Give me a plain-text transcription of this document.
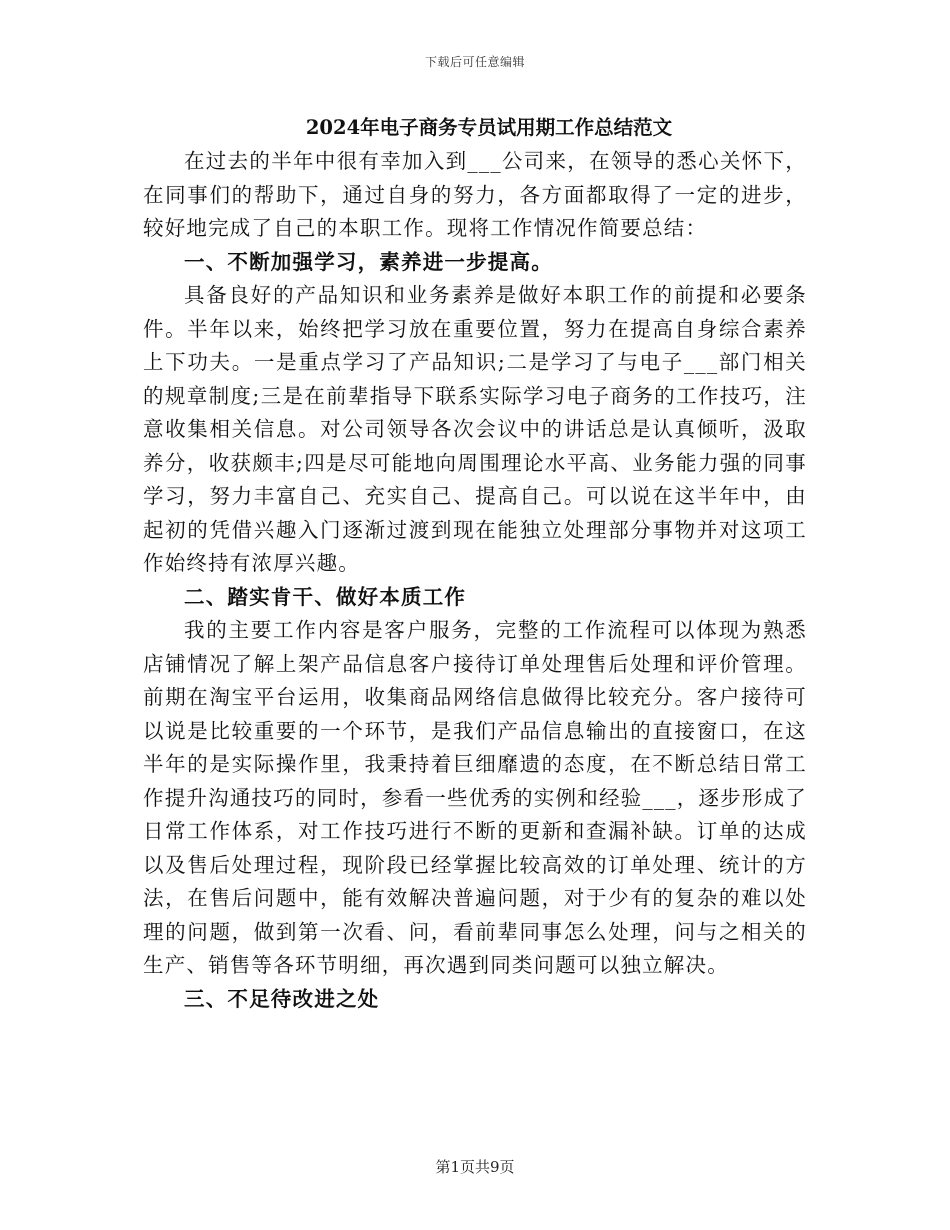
下载后可任意编辑
2024年电子商务专员试用期工作总结范文

在过去的半年中很有幸加入到___公司来，在领导的悉心关怀下，在同事们的帮助下，通过自身的努力，各方面都取得了一定的进步，较好地完成了自己的本职工作。现将工作情况作简要总结：

一、不断加强学习，素养进一步提高。

具备良好的产品知识和业务素养是做好本职工作的前提和必要条件。半年以来，始终把学习放在重要位置，努力在提高自身综合素养上下功夫。一是重点学习了产品知识;二是学习了与电子___部门相关的规章制度;三是在前辈指导下联系实际学习电子商务的工作技巧，注意收集相关信息。对公司领导各次会议中的讲话总是认真倾听，汲取养分，收获颇丰;四是尽可能地向周围理论水平高、业务能力强的同事学习，努力丰富自己、充实自己、提高自己。可以说在这半年中，由起初的凭借兴趣入门逐渐过渡到现在能独立处理部分事物并对这项工作始终持有浓厚兴趣。

二、踏实肯干、做好本质工作

我的主要工作内容是客户服务，完整的工作流程可以体现为熟悉店铺情况了解上架产品信息客户接待订单处理售后处理和评价管理。前期在淘宝平台运用，收集商品网络信息做得比较充分。客户接待可以说是比较重要的一个环节，是我们产品信息输出的直接窗口，在这半年的是实际操作里，我秉持着巨细靡遗的态度，在不断总结日常工作提升沟通技巧的同时，参看一些优秀的实例和经验___，逐步形成了日常工作体系，对工作技巧进行不断的更新和查漏补缺。订单的达成以及售后处理过程，现阶段已经掌握比较高效的订单处理、统计的方法，在售后问题中，能有效解决普遍问题，对于少有的复杂的难以处理的问题，做到第一次看、问，看前辈同事怎么处理，问与之相关的生产、销售等各环节明细，再次遇到同类问题可以独立解决。

三、不足待改进之处

第1页共9页
